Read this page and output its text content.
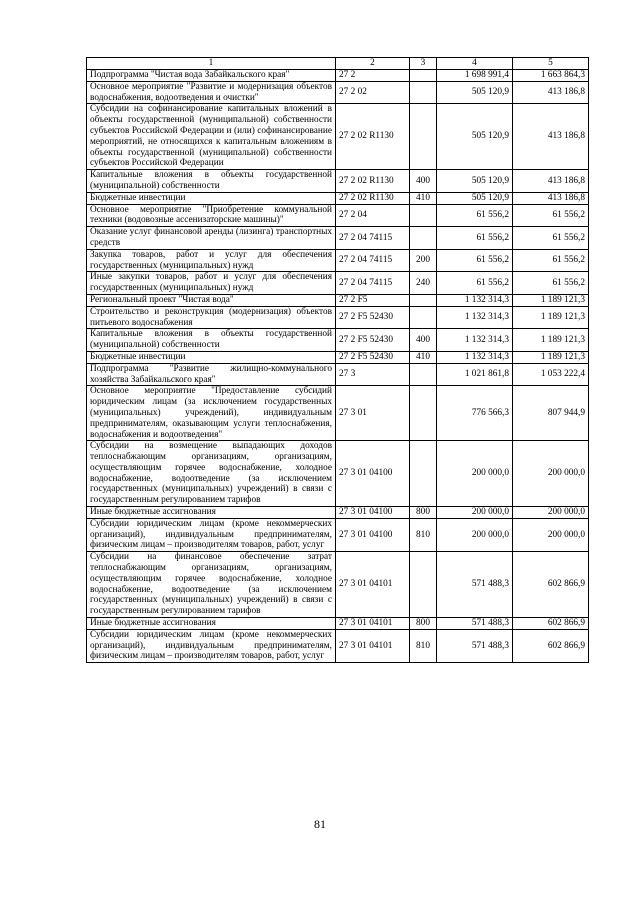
1	2	3	4	5
Подпрограмма "Чистая вода Забайкальского края"	27 2		1 698 991,4	1 663 864,3
Основное мероприятие "Развитие и модернизация объектов водоснабжения, водоотведения и очистки"	27 2 02		505 120,9	413 186,8
Субсидии на софинансирование капитальных вложений в объекты государственной (муниципальной) собственности субъектов Российской Федерации и (или) софинансирование мероприятий, не относящихся к капитальным вложениям в объекты государственной (муниципальной) собственности субъектов Российской Федерации	27 2 02 R1130		505 120,9	413 186,8
Капитальные вложения в объекты государственной (муниципальной) собственности	27 2 02 R1130	400	505 120,9	413 186,8
Бюджетные инвестиции	27 2 02 R1130	410	505 120,9	413 186,8
Основное мероприятие "Приобретение коммунальной техники (водовозные ассенизаторские машины)"	27 2 04		61 556,2	61 556,2
Оказание услуг финансовой аренды (лизинга) транспортных средств	27 2 04 74115		61 556,2	61 556,2
Закупка товаров, работ и услуг для обеспечения государственных (муниципальных) нужд	27 2 04 74115	200	61 556,2	61 556,2
Иные закупки товаров, работ и услуг для обеспечения государственных (муниципальных) нужд	27 2 04 74115	240	61 556,2	61 556,2
Региональный проект "Чистая вода"	27 2 F5		1 132 314,3	1 189 121,3
Строительство и реконструкция (модернизация) объектов питьевого водоснабжения	27 2 F5 52430		1 132 314,3	1 189 121,3
Капитальные вложения в объекты государственной (муниципальной) собственности	27 2 F5 52430	400	1 132 314,3	1 189 121,3
Бюджетные инвестиции	27 2 F5 52430	410	1 132 314,3	1 189 121,3
Подпрограмма "Развитие жилищно-коммунального хозяйства Забайкальского края"	27 3		1 021 861,8	1 053 222,4
Основное мероприятие "Предоставление субсидий юридическим лицам (за исключением государственных (муниципальных) учреждений), индивидуальным предпринимателям, оказывающим услуги теплоснабжения, водоснабжения и водоотведения"	27 3 01		776 566,3	807 944,9
Субсидии на возмещение выпадающих доходов теплоснабжающим организациям, организациям, осуществляющим горячее водоснабжение, холодное водоснабжение, водоотведение (за исключением государственных (муниципальных) учреждений) в связи с государственным регулированием тарифов	27 3 01 04100		200 000,0	200 000,0
Иные бюджетные ассигнования	27 3 01 04100	800	200 000,0	200 000,0
Субсидии юридическим лицам (кроме некоммерческих организаций), индивидуальным предпринимателям, физическим лицам – производителям товаров, работ, услуг	27 3 01 04100	810	200 000,0	200 000,0
Субсидии на финансовое обеспечение затрат теплоснабжающим организациям, организациям, осуществляющим горячее водоснабжение, холодное водоснабжение, водоотведение (за исключением государственных (муниципальных) учреждений) в связи с государственным регулированием тарифов	27 3 01 04101		571 488,3	602 866,9
Иные бюджетные ассигнования	27 3 01 04101	800	571 488,3	602 866,9
Субсидии юридическим лицам (кроме некоммерческих организаций), индивидуальным предпринимателям, физическим лицам – производителям товаров, работ, услуг	27 3 01 04101	810	571 488,3	602 866,9
81
